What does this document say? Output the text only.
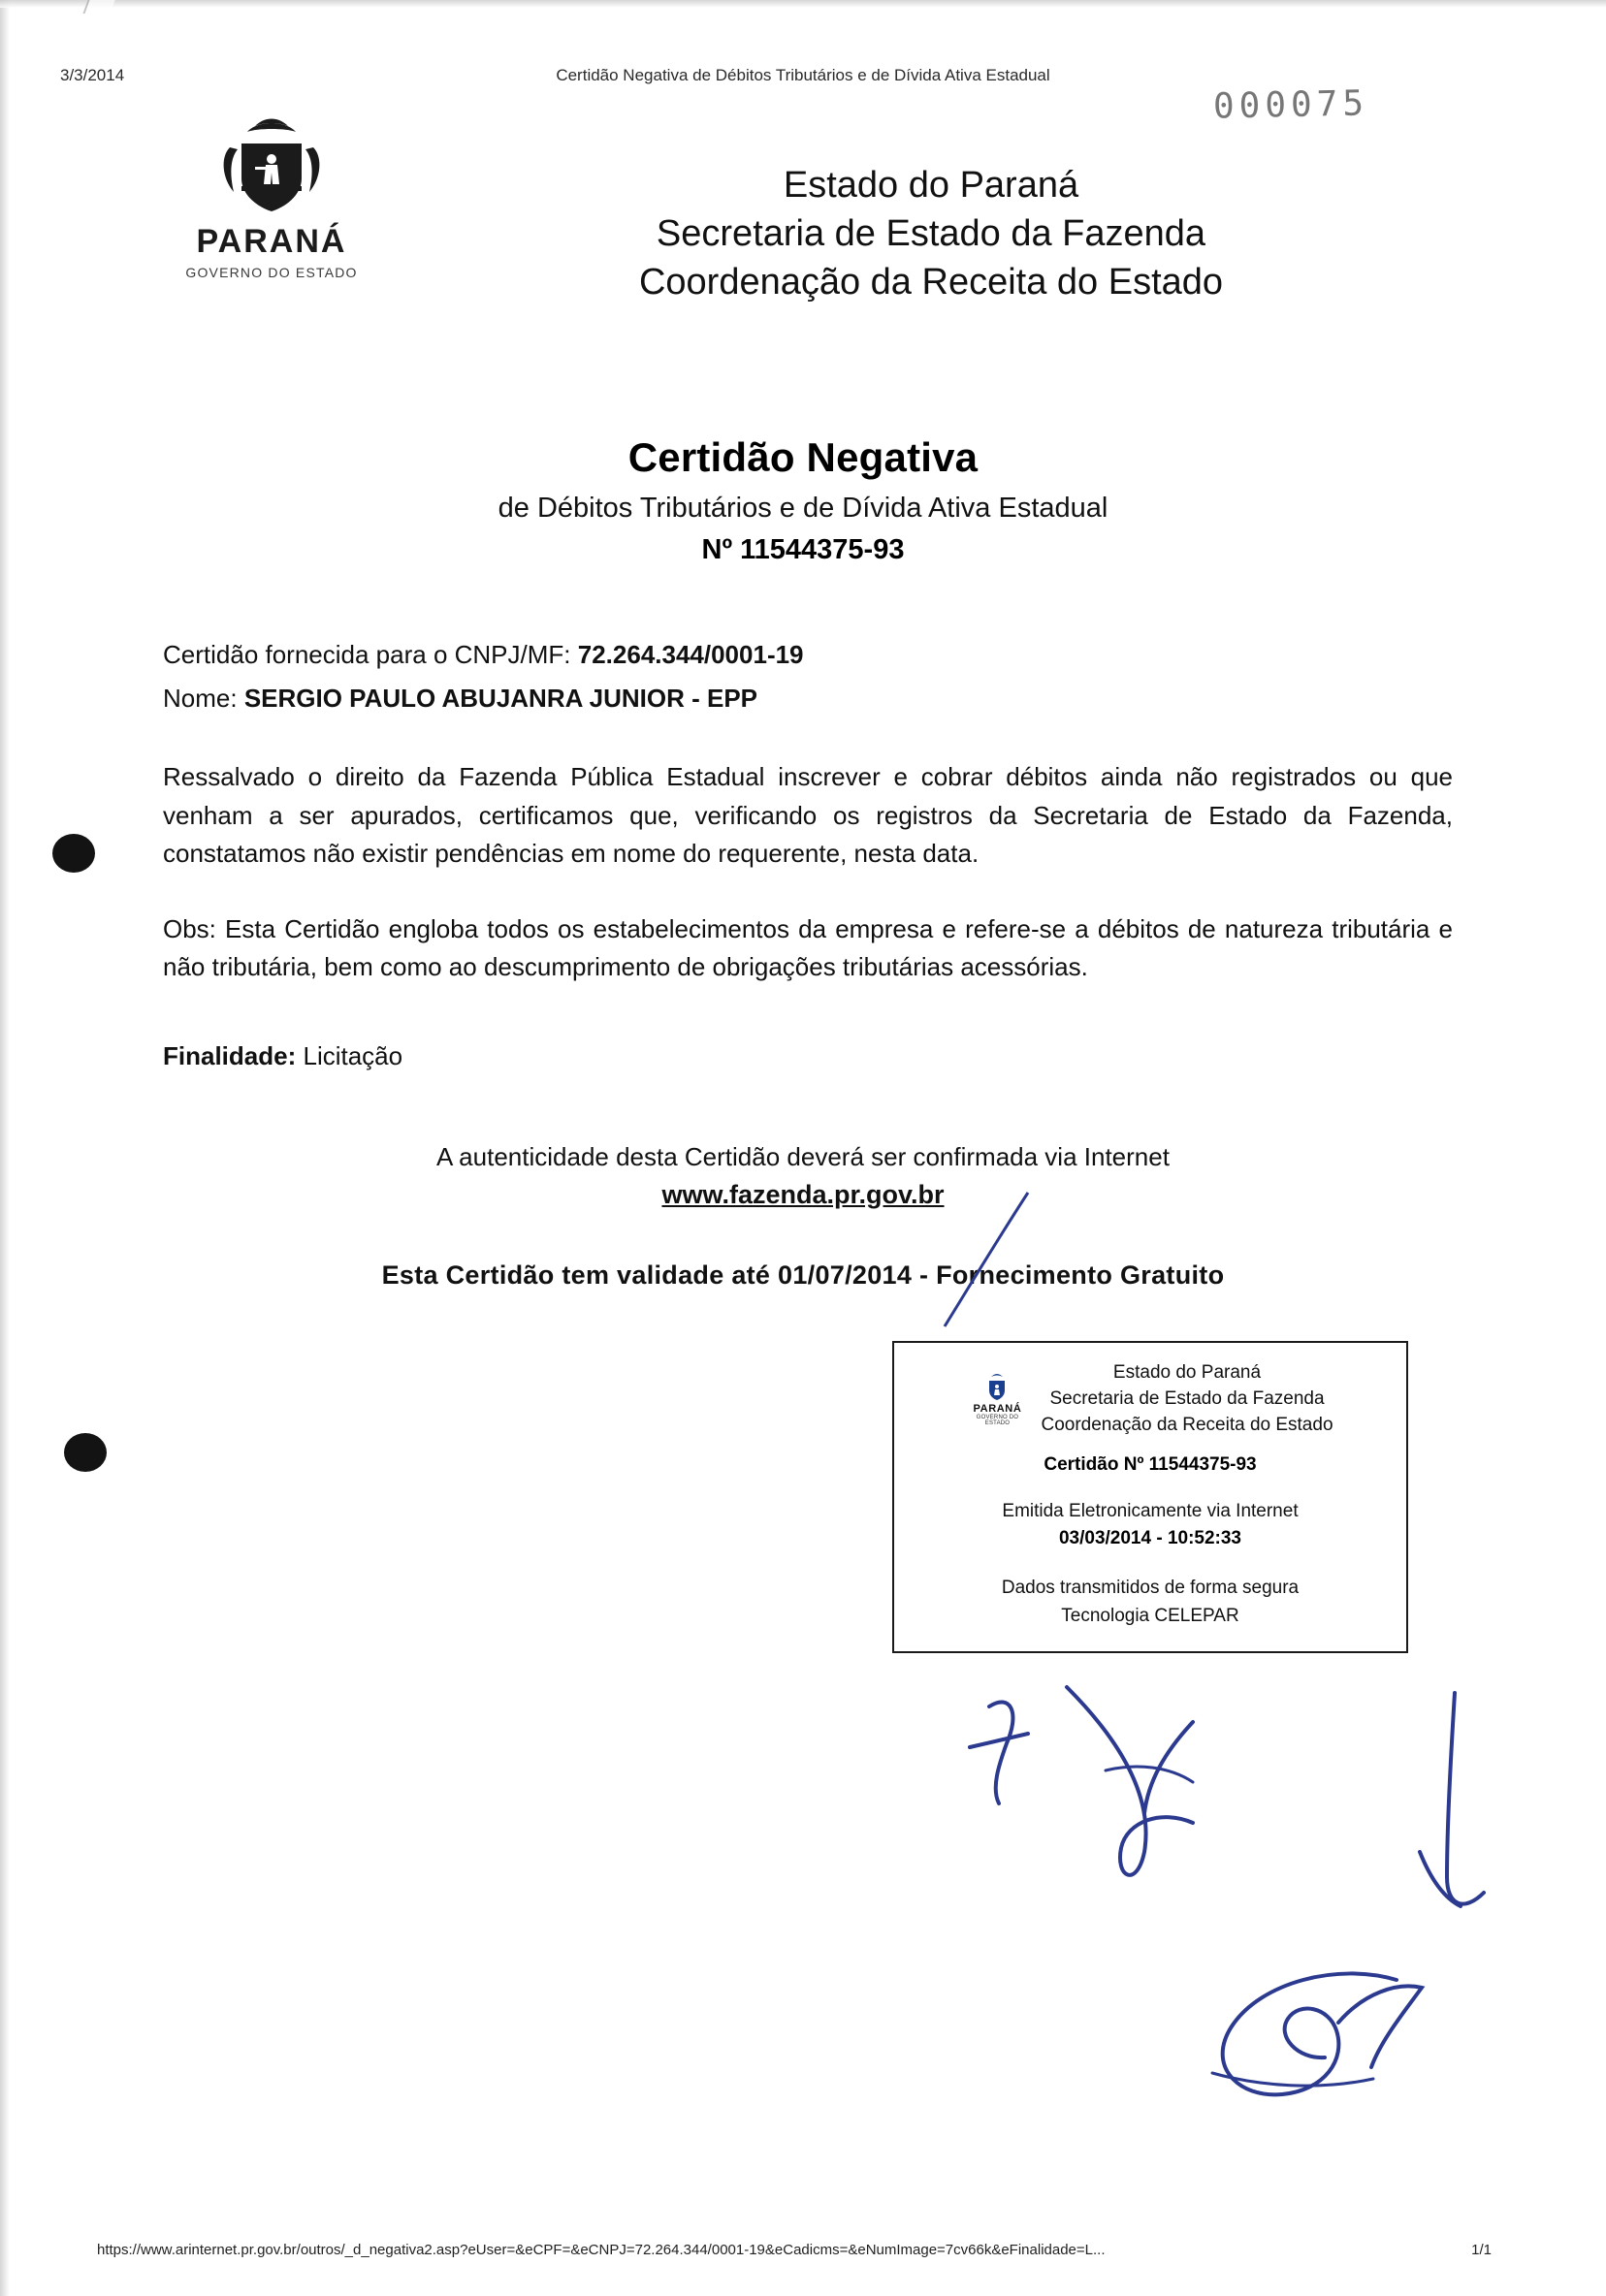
3/3/2014	Certidão Negativa de Débitos Tributários e de Dívida Ativa Estadual
000075
PARANÁ
GOVERNO DO ESTADO
Estado do Paraná
Secretaria de Estado da Fazenda
Coordenação da Receita do Estado
Certidão Negativa
de Débitos Tributários e de Dívida Ativa Estadual
Nº 11544375-93
Certidão fornecida para o CNPJ/MF: 72.264.344/0001-19
Nome: SERGIO PAULO ABUJANRA JUNIOR - EPP
Ressalvado o direito da Fazenda Pública Estadual inscrever e cobrar débitos ainda não registrados ou que venham a ser apurados, certificamos que, verificando os registros da Secretaria de Estado da Fazenda, constatamos não existir pendências em nome do requerente, nesta data.
Obs: Esta Certidão engloba todos os estabelecimentos da empresa e refere-se a débitos de natureza tributária e não tributária, bem como ao descumprimento de obrigações tributárias acessórias.
Finalidade: Licitação
A autenticidade desta Certidão deverá ser confirmada via Internet
www.fazenda.pr.gov.br
Esta Certidão tem validade até 01/07/2014 - Fornecimento Gratuito
PARANÁ
GOVERNO DO ESTADO
Estado do Paraná
Secretaria de Estado da Fazenda
Coordenação da Receita do Estado
Certidão Nº 11544375-93
Emitida Eletronicamente via Internet
03/03/2014 - 10:52:33
Dados transmitidos de forma segura
Tecnologia CELEPAR
https://www.arinternet.pr.gov.br/outros/_d_negativa2.asp?eUser=&eCPF=&eCNPJ=72.264.344/0001-19&eCadicms=&eNumImage=7cv66k&eFinalidade=L...	1/1
